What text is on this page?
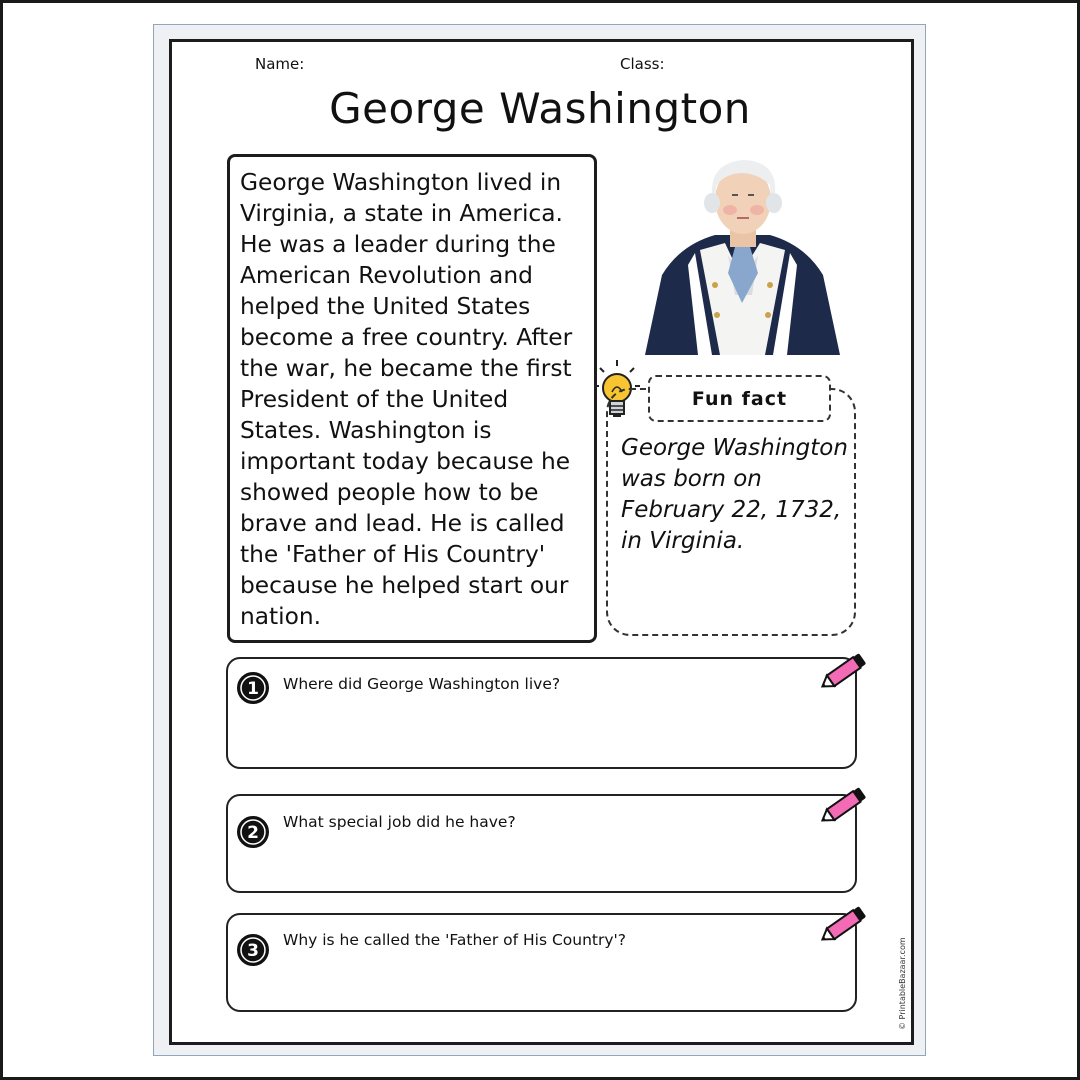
Name:	Class:
George Washington
George Washington lived in Virginia, a state in America. He was a leader during the American Revolution and helped the United States become a free country. After the war, he became the first President of the United States. Washington is important today because he showed people how to be brave and lead. He is called the 'Father of His Country' because he helped start our nation.
Fun fact
George Washington was born on February 22, 1732, in Virginia.
1
2
3
Where did George Washington live?
What special job did he have?
Why is he called the 'Father of His Country'?	© PrintableBazaar.com
